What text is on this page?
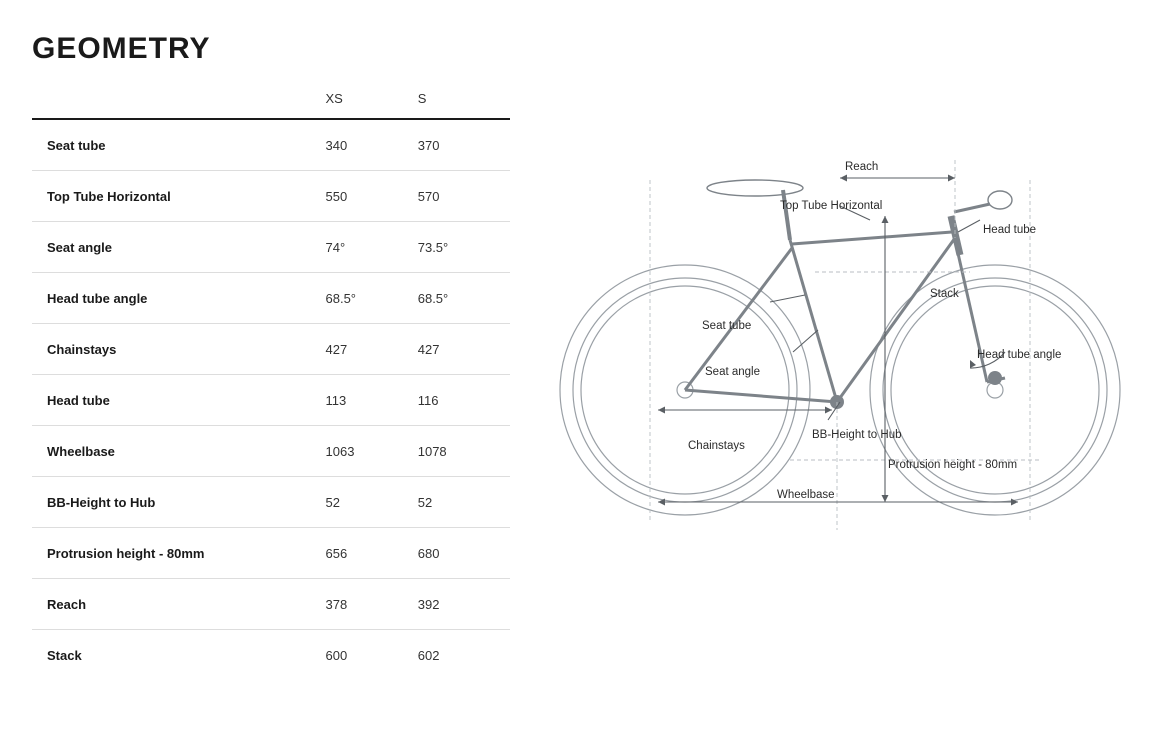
GEOMETRY
	XS	S
Seat tube	340	370
Top Tube Horizontal	550	570
Seat angle	74°	73.5°
Head tube angle	68.5°	68.5°
Chainstays	427	427
Head tube	113	116
Wheelbase	1063	1078
BB-Height to Hub	52	52
Protrusion height - 80mm	656	680
Reach	378	392
Stack	600	602
Reach
Top Tube Horizontal
Head tube
Stack
Seat tube
Seat angle
Head tube angle
Chainstays
BB-Height to Hub
Protrusion height - 80mm
Wheelbase
